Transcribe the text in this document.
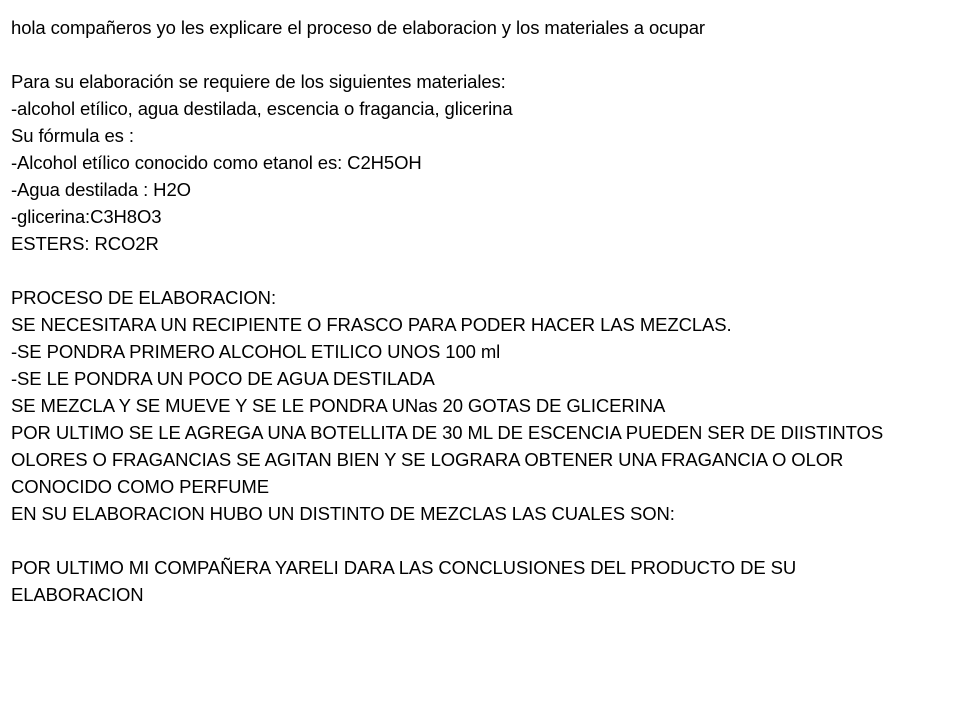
hola compañeros yo les explicare el proceso de elaboracion y los materiales a ocupar
Para su elaboración se requiere de los siguientes materiales:
-alcohol etílico, agua destilada, escencia o fragancia, glicerina
Su fórmula es :
-Alcohol etílico conocido como etanol es: C2H5OH
-Agua destilada : H2O
-glicerina:C3H8O3
ESTERS: RCO2R
PROCESO DE ELABORACION:
SE NECESITARA UN RECIPIENTE O FRASCO PARA PODER HACER LAS MEZCLAS.
-SE PONDRA PRIMERO ALCOHOL ETILICO UNOS 100 ml
-SE LE PONDRA UN POCO DE AGUA DESTILADA
SE MEZCLA Y SE MUEVE Y SE LE PONDRA UNas 20 GOTAS DE GLICERINA
POR ULTIMO SE LE AGREGA UNA BOTELLITA DE 30 ML DE ESCENCIA PUEDEN SER DE DIISTINTOS
OLORES O FRAGANCIAS SE AGITAN BIEN Y SE LOGRARA OBTENER UNA FRAGANCIA O OLOR
CONOCIDO COMO PERFUME
EN SU ELABORACION HUBO UN DISTINTO DE MEZCLAS LAS CUALES SON:
POR ULTIMO MI COMPAÑERA YARELI DARA LAS CONCLUSIONES DEL PRODUCTO DE SU
ELABORACION
